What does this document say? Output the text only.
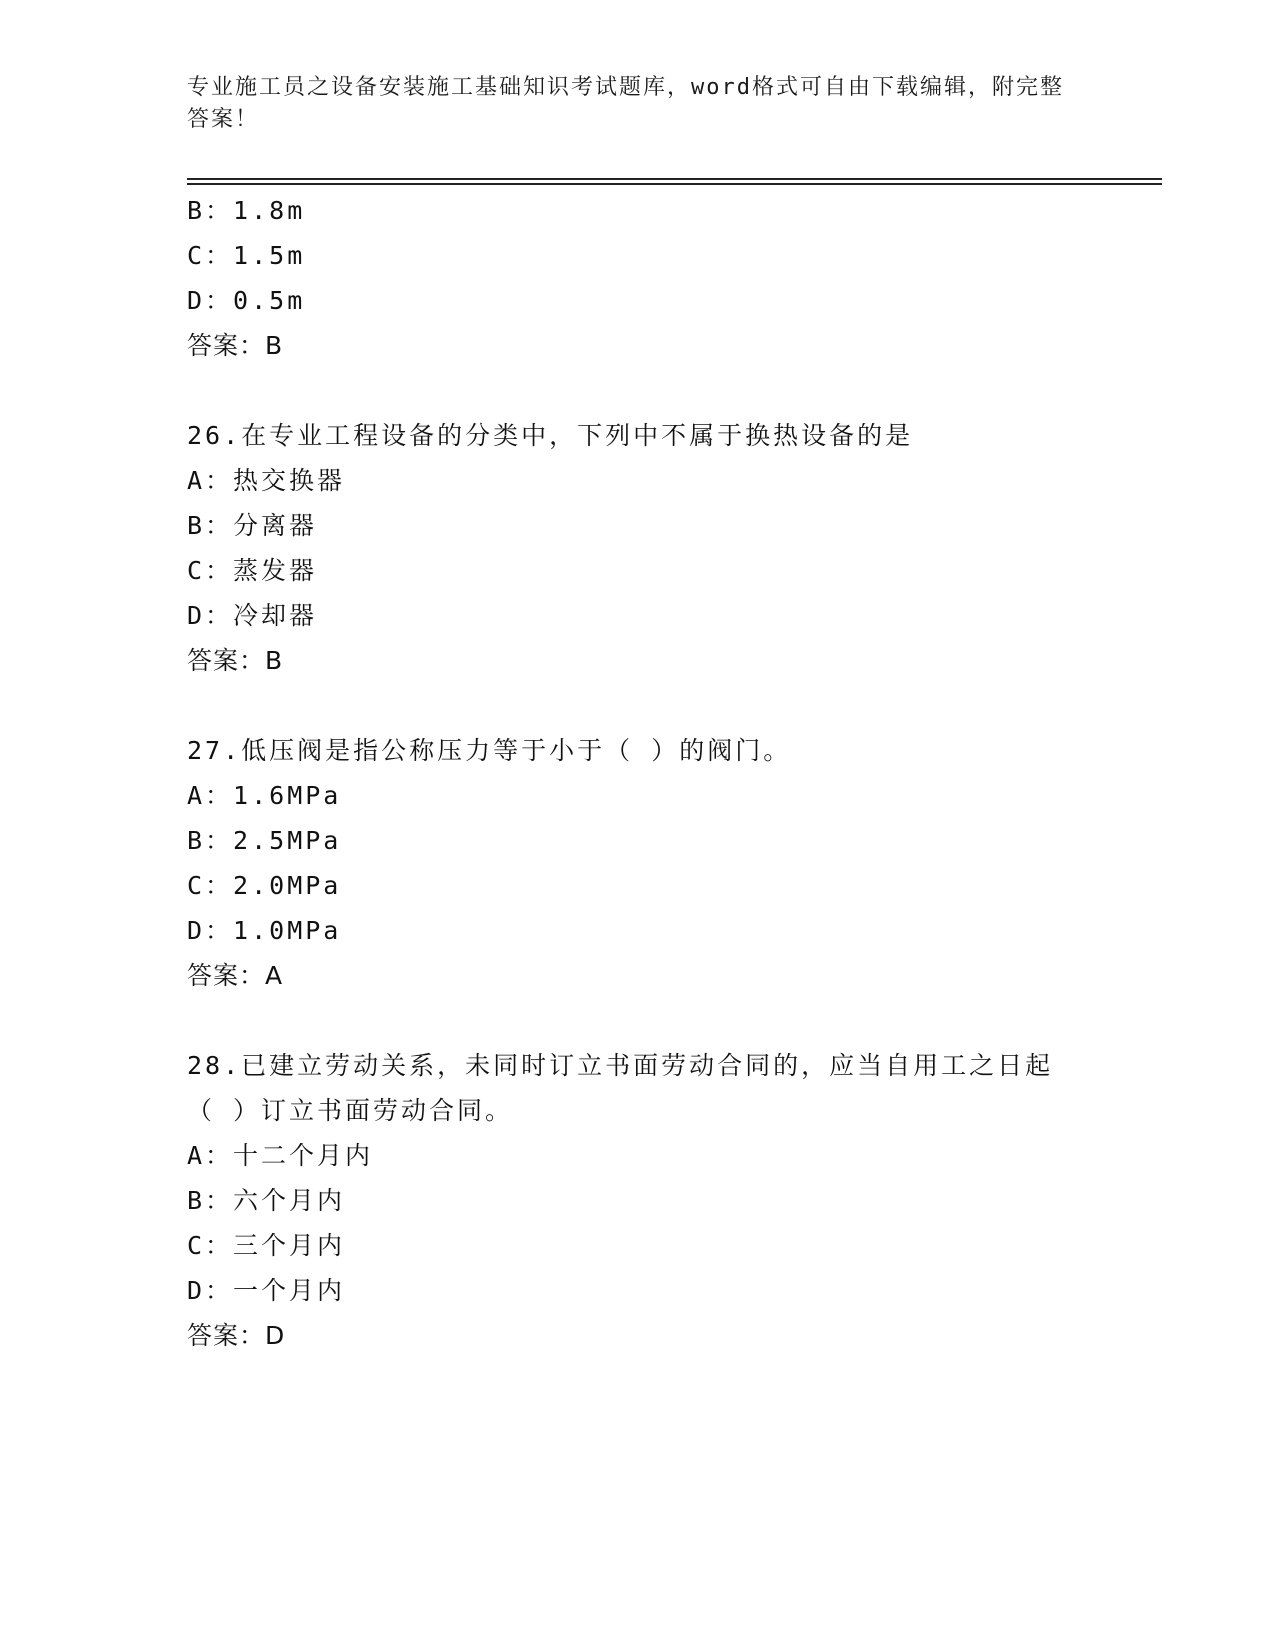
专业施工员之设备安装施工基础知识考试题库，word格式可自由下载编辑，附完整答案！
B：1.8m
C：1.5m
D：0.5m
答案：B
26.在专业工程设备的分类中，下列中不属于换热设备的是
A：热交换器
B：分离器
C：蒸发器
D：冷却器
答案：B
27.低压阀是指公称压力等于小于（ ）的阀门。
A：1.6MPa
B：2.5MPa
C：2.0MPa
D：1.0MPa
答案：A
28.已建立劳动关系，未同时订立书面劳动合同的，应当自用工之日起
（ ）订立书面劳动合同。
A：十二个月内
B：六个月内
C：三个月内
D：一个月内
答案：D
